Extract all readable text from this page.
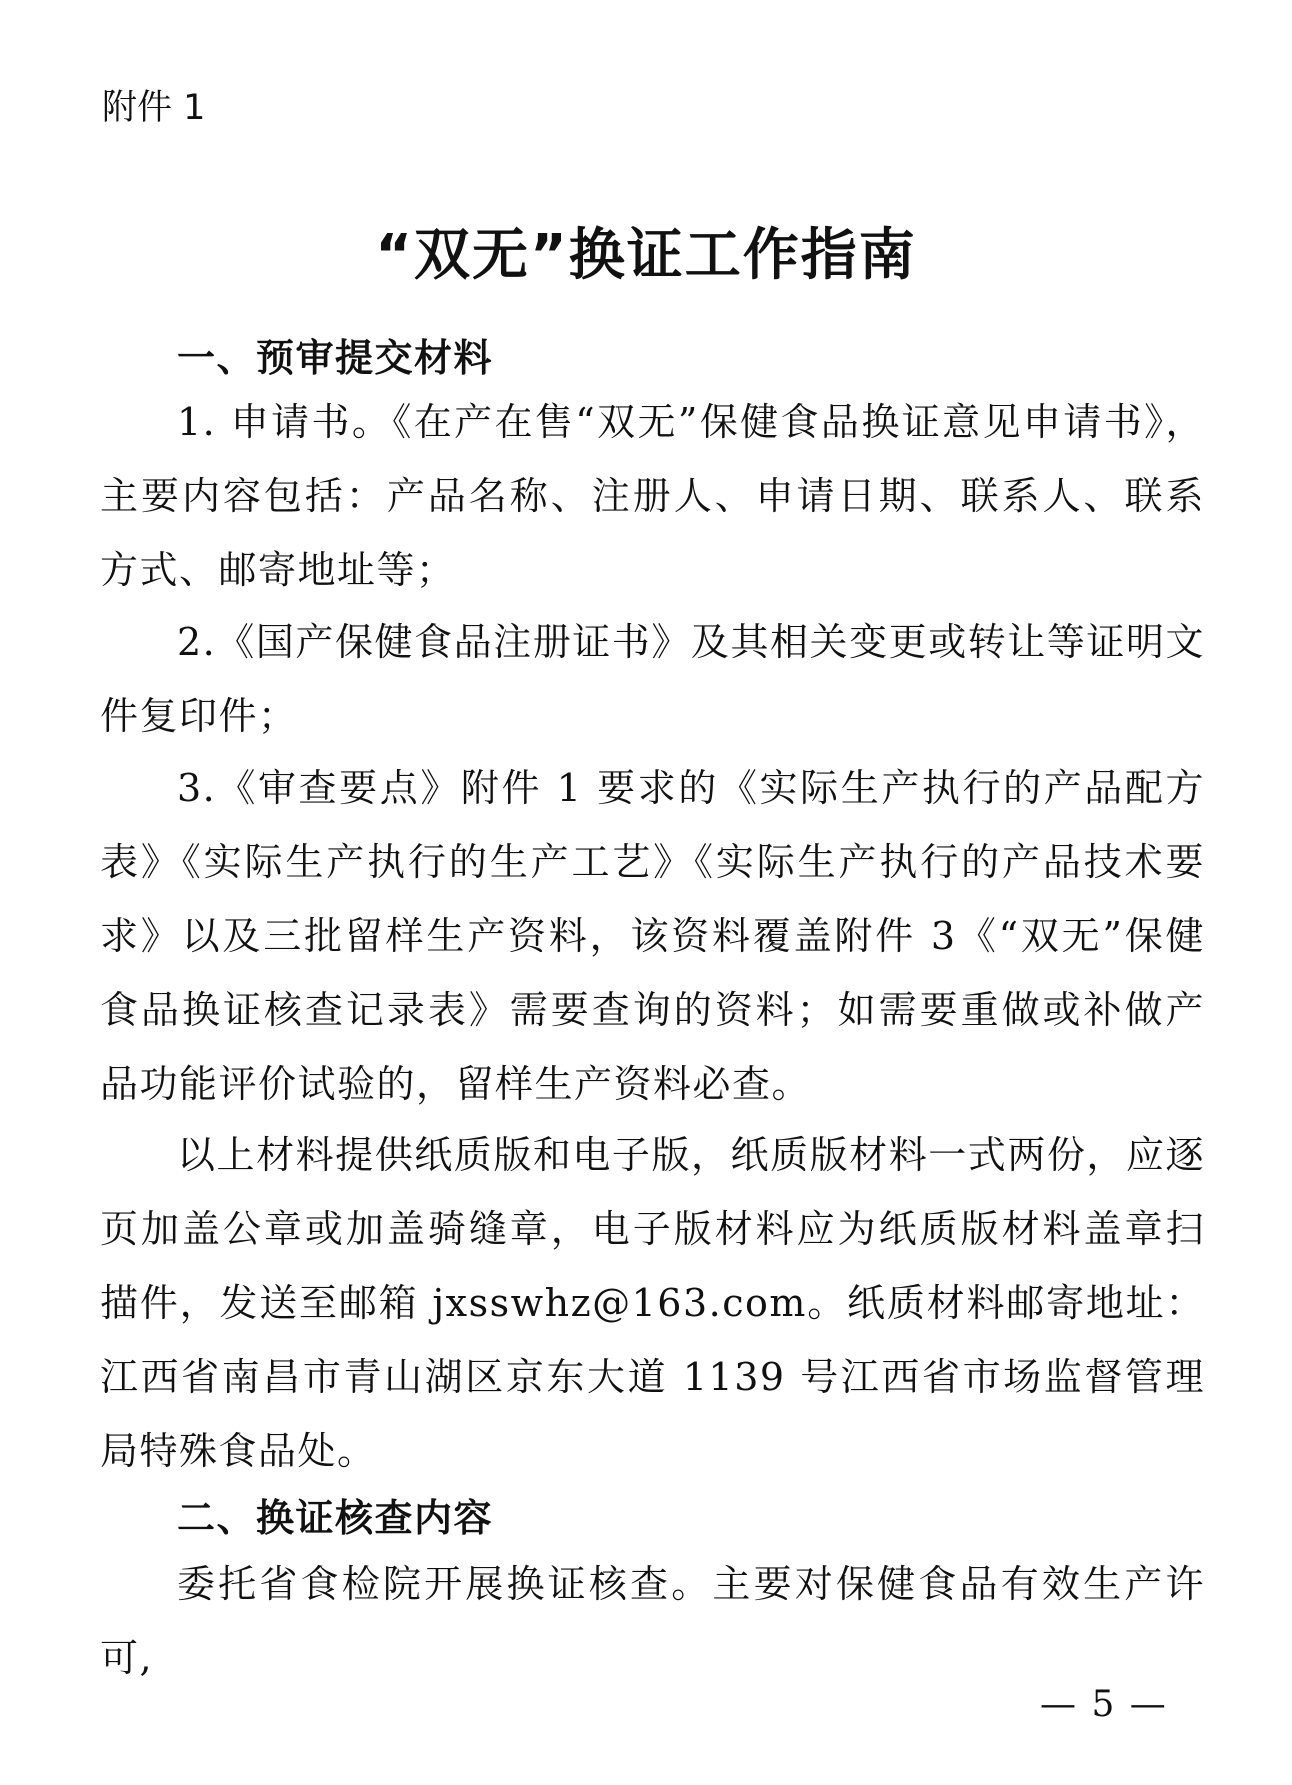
附件 1
“双无”换证工作指南
一、预审提交材料
1. 申请书。《在产在售“双无”保健食品换证意见申请书》，主要内容包括：产品名称、注册人、申请日期、联系人、联系方式、邮寄地址等；
2.《国产保健食品注册证书》及其相关变更或转让等证明文件复印件；
3.《审查要点》附件 1 要求的《实际生产执行的产品配方表》《实际生产执行的生产工艺》《实际生产执行的产品技术要求》以及三批留样生产资料，该资料覆盖附件 3《“双无”保健食品换证核查记录表》需要查询的资料；如需要重做或补做产品功能评价试验的，留样生产资料必查。
以上材料提供纸质版和电子版，纸质版材料一式两份，应逐页加盖公章或加盖骑缝章，电子版材料应为纸质版材料盖章扫描件，发送至邮箱 jxsswhz@163.com。纸质材料邮寄地址：江西省南昌市青山湖区京东大道 1139 号江西省市场监督管理局特殊食品处。
二、换证核查内容
委托省食检院开展换证核查。主要对保健食品有效生产许可,
— 5 —
